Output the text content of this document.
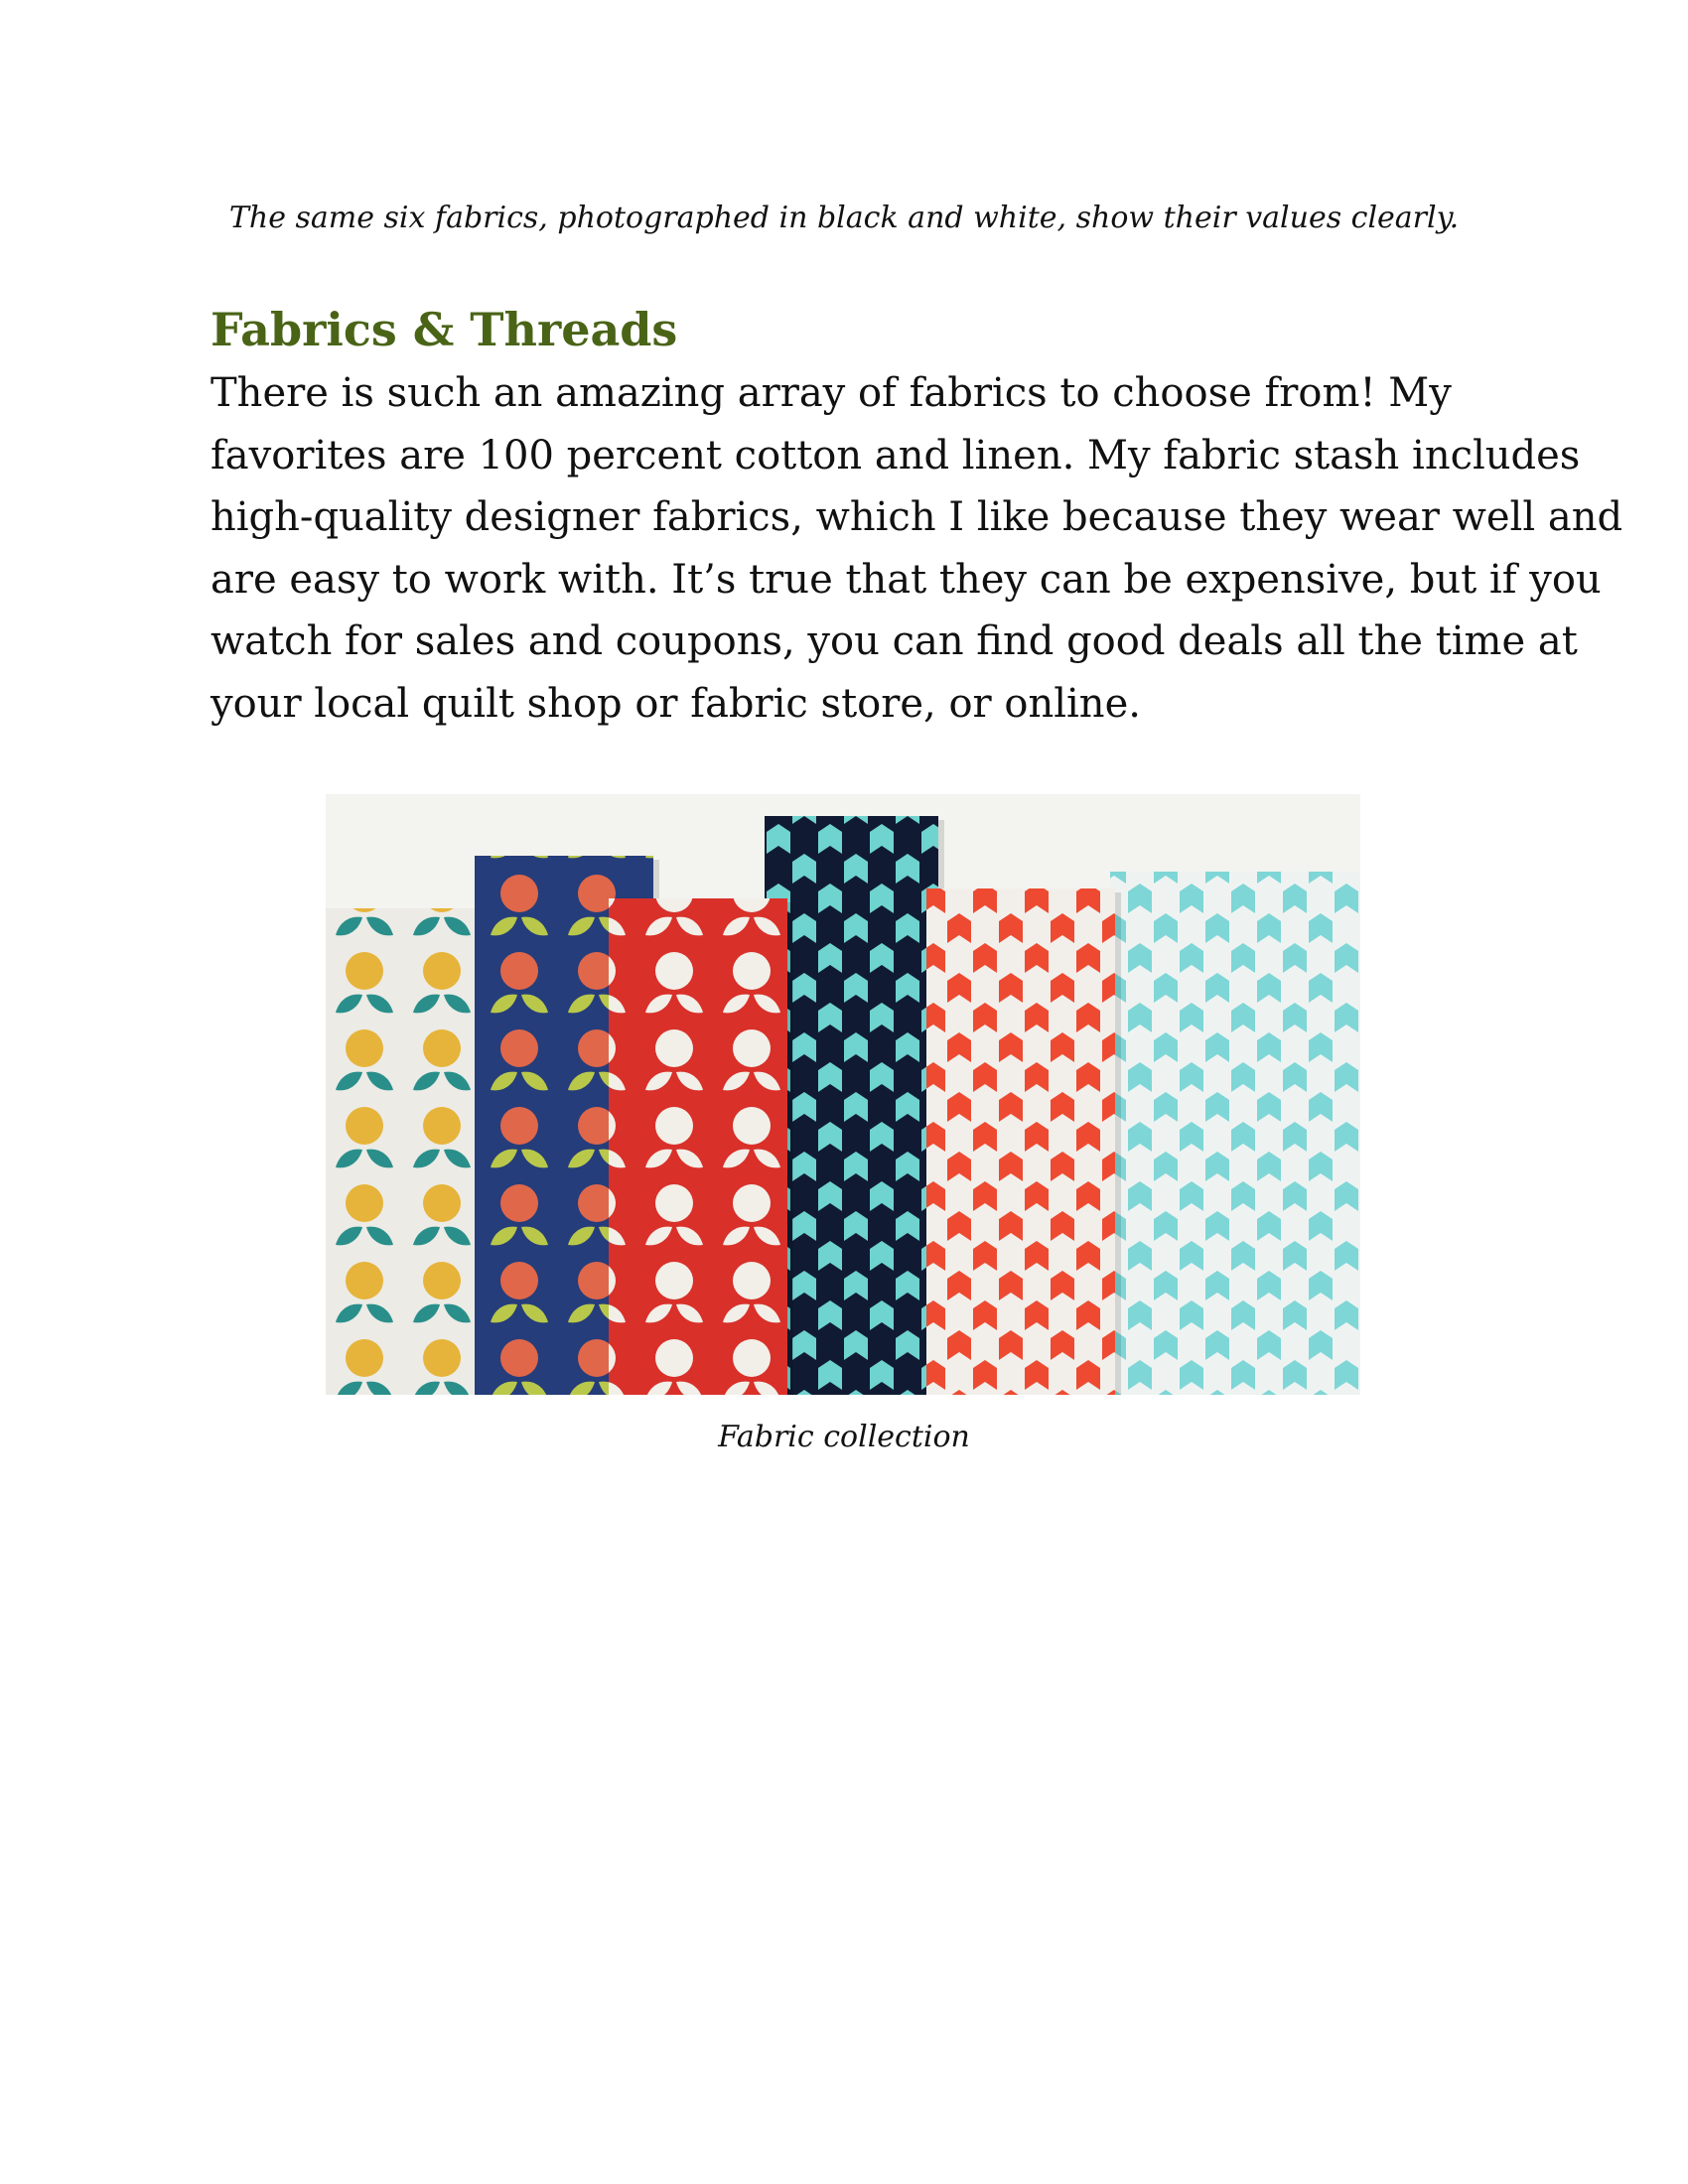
The same six fabrics, photographed in black and white, show their values clearly.
Fabrics & Threads

There is such an amazing array of fabrics to choose from! My
favorites are 100 percent cotton and linen. My fabric stash includes
high-quality designer fabrics, which I like because they wear well and
are easy to work with. It’s true that they can be expensive, but if you
watch for sales and coupons, you can find good deals all the time at
your local quilt shop or fabric store, or online.

Fabric collection
